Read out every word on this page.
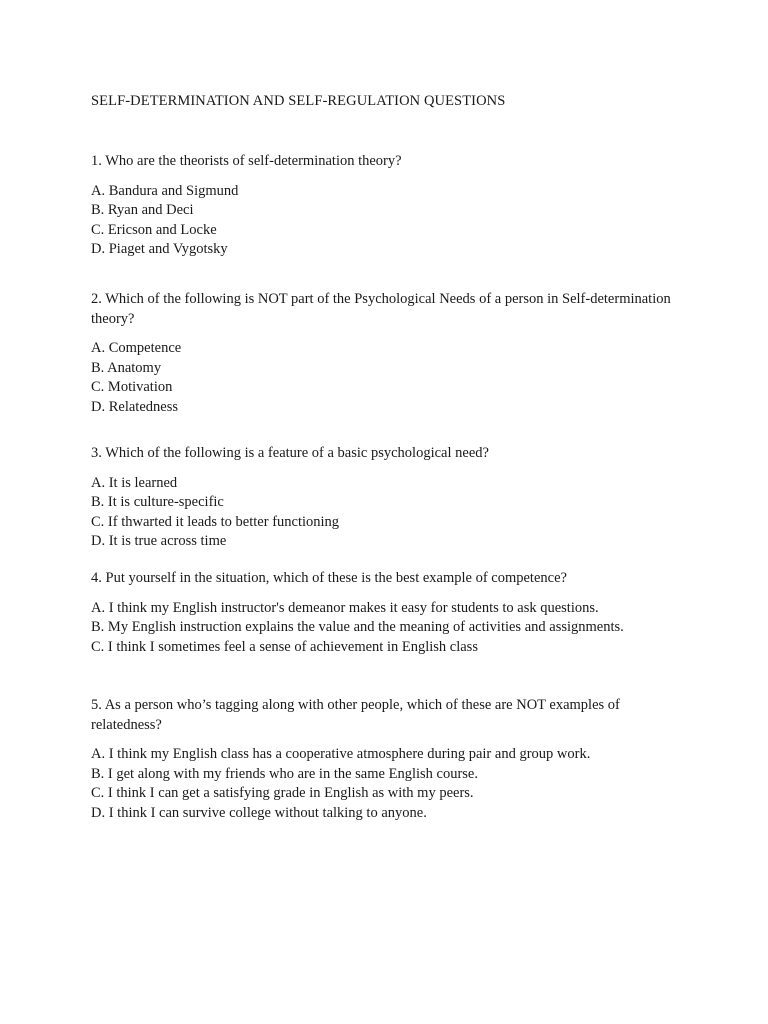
SELF-DETERMINATION AND SELF-REGULATION QUESTIONS

1. Who are the theorists of self-determination theory?

A. Bandura and Sigmund

B. Ryan and Deci

C. Ericson and Locke

D. Piaget and Vygotsky

2. Which of the following is NOT part of the Psychological Needs of a person in Self-determination theory?

A. Competence

B. Anatomy

C. Motivation

D. Relatedness

3. Which of the following is a feature of a basic psychological need?

A. It is learned

B. It is culture-specific

C. If thwarted it leads to better functioning

D. It is true across time

4. Put yourself in the situation, which of these is the best example of competence?

A. I think my English instructor's demeanor makes it easy for students to ask questions.

B. My English instruction explains the value and the meaning of activities and assignments.

C. I think I sometimes feel a sense of achievement in English class

5. As a person who’s tagging along with other people, which of these are NOT examples of relatedness?

A. I think my English class has a cooperative atmosphere during pair and group work.

B. I get along with my friends who are in the same English course.

C. I think I can get a satisfying grade in English as with my peers.

D. I think I can survive college without talking to anyone.
